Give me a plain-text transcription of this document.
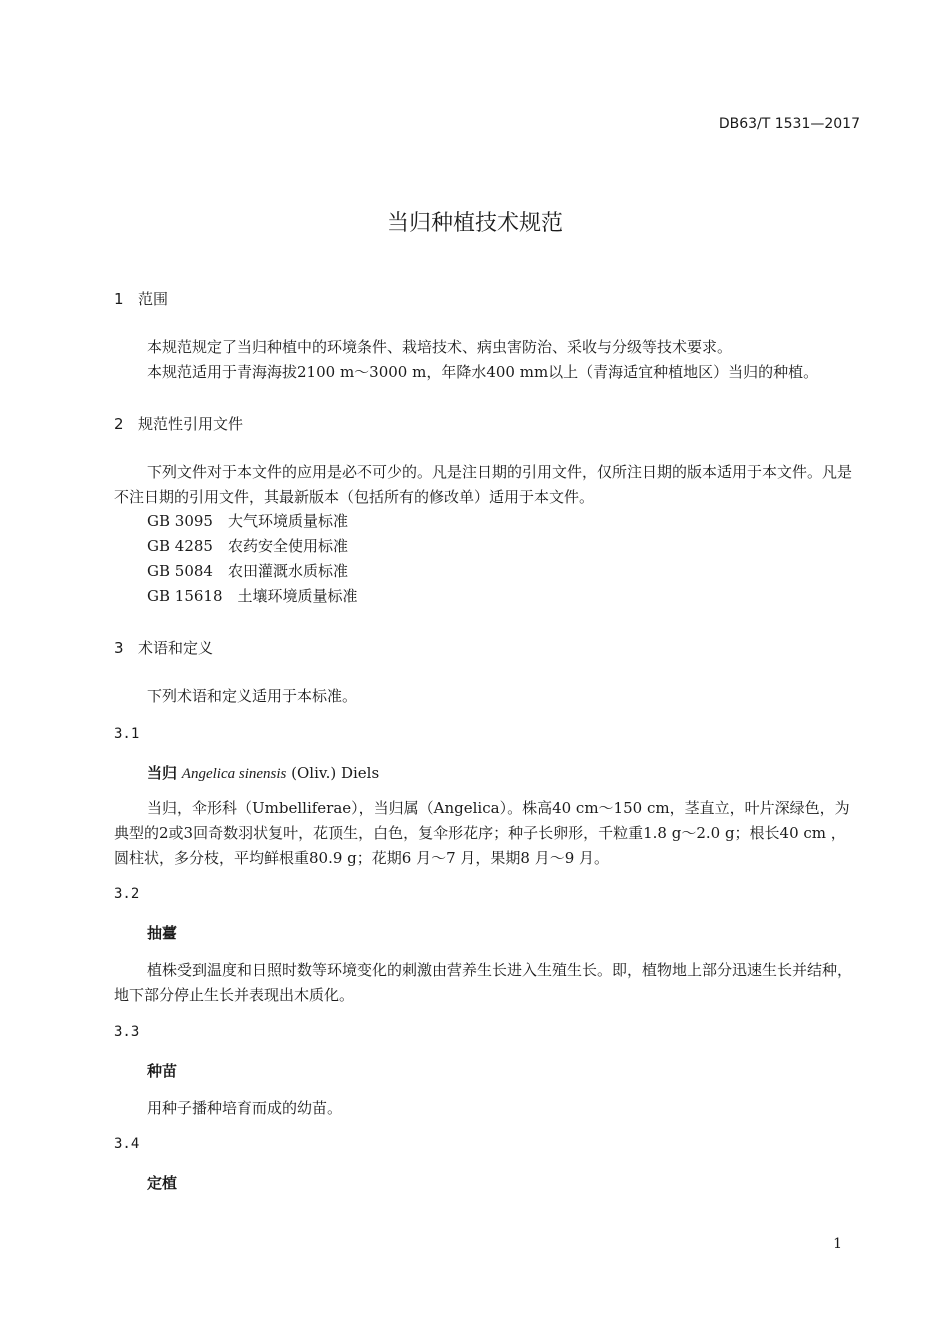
DB63/T 1531—2017
当归种植技术规范
1 范围
本规范规定了当归种植中的环境条件、栽培技术、病虫害防治、采收与分级等技术要求。
本规范适用于青海海拔2100 m～3000 m，年降水400 mm以上（青海适宜种植地区）当归的种植。
2 规范性引用文件
下列文件对于本文件的应用是必不可少的。凡是注日期的引用文件，仅所注日期的版本适用于本文件。凡是不注日期的引用文件，其最新版本（包括所有的修改单）适用于本文件。
GB 3095　大气环境质量标准
GB 4285　农药安全使用标准
GB 5084　农田灌溉水质标准
GB 15618　土壤环境质量标准
3 术语和定义
下列术语和定义适用于本标准。
3.1
当归 Angelica sinensis (Oliv.) Diels
当归，伞形科（Umbelliferae），当归属（Angelica）。株高40 cm～150 cm，茎直立，叶片深绿色，为典型的2或3回奇数羽状复叶，花顶生，白色，复伞形花序；种子长卵形，千粒重1.8 g～2.0 g；根长40 cm ，圆柱状，多分枝，平均鲜根重80.9 g；花期6 月～7 月，果期8 月～9 月。
3.2
抽薹
植株受到温度和日照时数等环境变化的刺激由营养生长进入生殖生长。即，植物地上部分迅速生长并结种，地下部分停止生长并表现出木质化。
3.3
种苗
用种子播种培育而成的幼苗。
3.4
定植
1
